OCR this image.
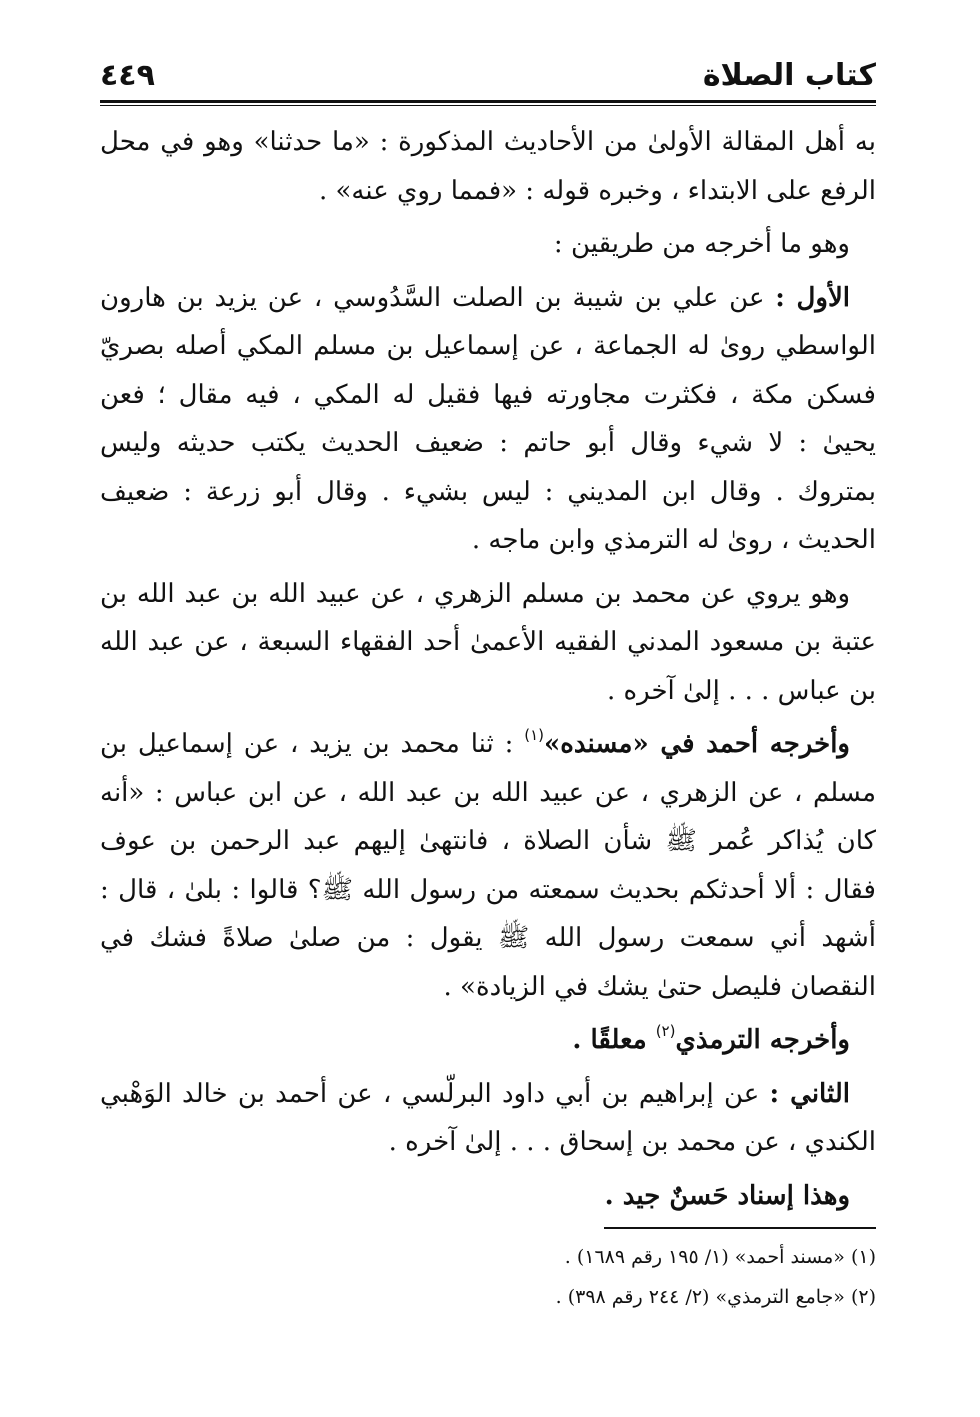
كتاب الصلاة
٤٤٩

به أهل المقالة الأولىٰ من الأحاديث المذكورة : «ما حدثنا» وهو في محل الرفع على الابتداء ، وخبره قوله : «فمما روي عنه» .

وهو ما أخرجه من طريقين :

الأول : عن علي بن شيبة بن الصلت السَّدُوسي ، عن يزيد بن هارون الواسطي روىٰ له الجماعة ، عن إسماعيل بن مسلم المكي أصله بصريّ فسكن مكة ، فكثرت مجاورته فيها فقيل له المكي ، فيه مقال ؛ فعن يحيىٰ : لا شيء وقال أبو حاتم : ضعيف الحديث يكتب حديثه وليس بمتروك . وقال ابن المديني : ليس بشيء . وقال أبو زرعة : ضعيف الحديث ، روىٰ له الترمذي وابن ماجه .

وهو يروي عن محمد بن مسلم الزهري ، عن عبيد الله بن عبد الله بن عتبة بن مسعود المدني الفقيه الأعمىٰ أحد الفقهاء السبعة ، عن عبد الله بن عباس . . . إلىٰ آخره .

وأخرجه أحمد في «مسنده»$^{(١)}$ : ثنا محمد بن يزيد ، عن إسماعيل بن مسلم ، عن الزهري ، عن عبيد الله بن عبد الله ، عن ابن عباس : «أنه كان يُذاكر عُمر ﷺ شأن الصلاة ، فانتهىٰ إليهم عبد الرحمن بن عوف فقال : ألا أحدثكم بحديث سمعته من رسول الله ﷺ؟ قالوا : بلىٰ ، قال : أشهد أني سمعت رسول الله ﷺ يقول : من صلىٰ صلاةً فشك في النقصان فليصل حتىٰ يشك في الزيادة» .

وأخرجه الترمذي$^{(٢)}$ معلقًا .

الثاني : عن إبراهيم بن أبي داود البرلّسي ، عن أحمد بن خالد الوَهْبي الكندي ، عن محمد بن إسحاق . . . إلىٰ آخره .

وهذا إسناد حَسنٌ جيد .

(١) «مسند أحمد» (١/ ١٩٥ رقم ١٦٨٩) .
(٢) «جامع الترمذي» (٢/ ٢٤٤ رقم ٣٩٨) .
